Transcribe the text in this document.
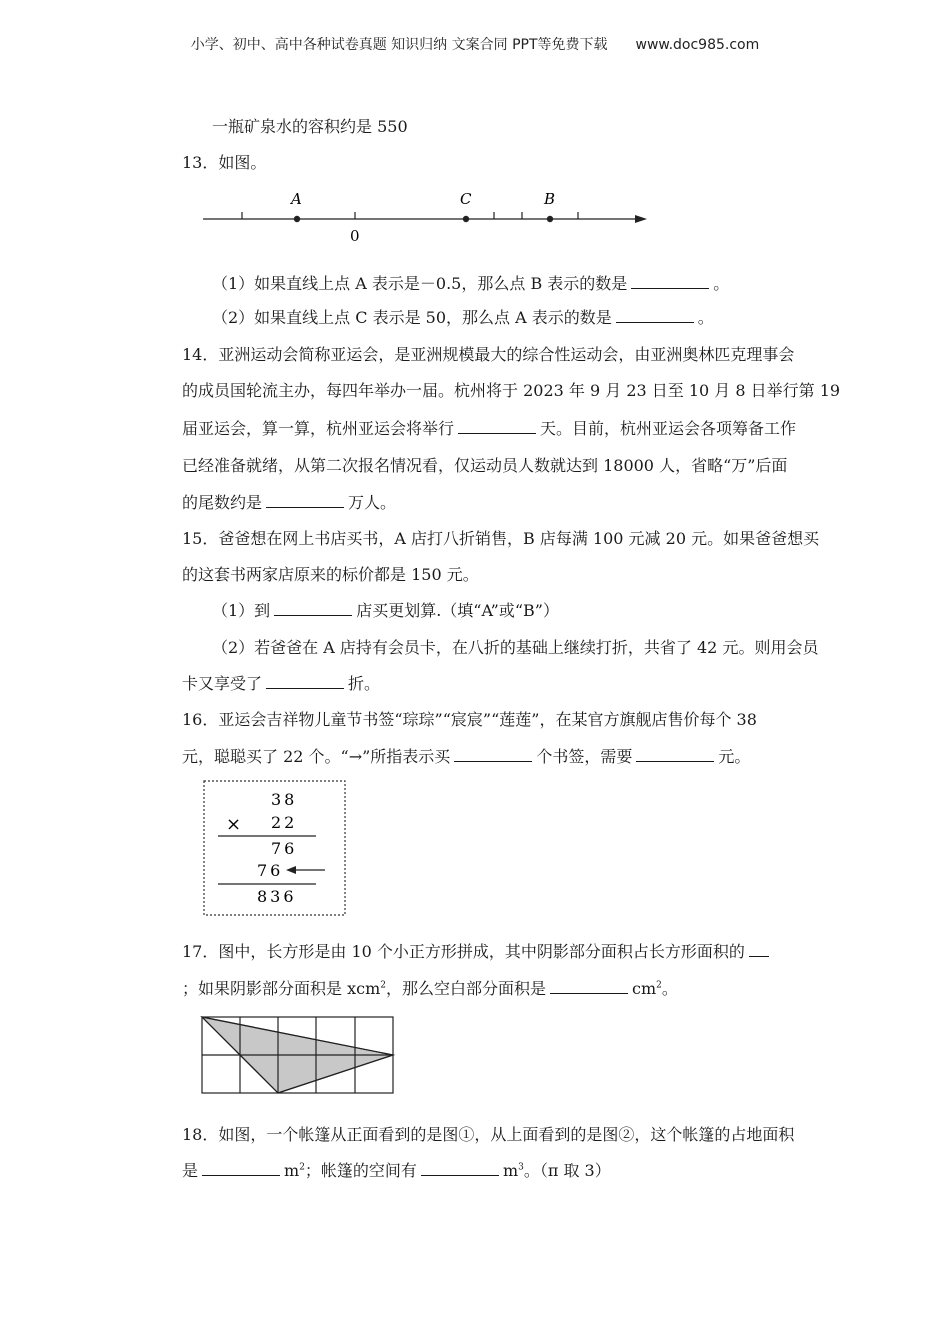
小学、初中、高中各种试卷真题 知识归纳 文案合同 PPT等免费下载 www.doc985.com
一瓶矿泉水的容积约是 550
13．如图。
A	C	B
0
（1）如果直线上点 A 表示是－0.5，那么点 B 表示的数是	。
（2）如果直线上点 C 表示是 50，那么点 A 表示的数是	。
14．亚洲运动会简称亚运会，是亚洲规模最大的综合性运动会，由亚洲奥林匹克理事会
的成员国轮流主办，每四年举办一届。杭州将于 2023 年 9 月 23 日至 10 月 8 日举行第 19
届亚运会，算一算，杭州亚运会将举行	天。目前，杭州亚运会各项筹备工作
已经准备就绪，从第二次报名情况看，仅运动员人数就达到 18000 人，省略“万”后面
的尾数约是	万人。
15．爸爸想在网上书店买书，A 店打八折销售，B 店每满 100 元减 20 元。如果爸爸想买
的这套书两家店原来的标价都是 150 元。
（1）到	店买更划算.（填“A”或“B”）
（2）若爸爸在 A 店持有会员卡，在八折的基础上继续打折，共省了 42 元。则用会员
卡又享受了	折。
16．亚运会吉祥物儿童节书签“琮琮”“宸宸”“莲莲”，在某官方旗舰店售价每个 38
元，聪聪买了 22 个。“→”所指表示买	个书签，需要	元。
38
× 22
76
76
836
17．图中，长方形是由 10 个小正方形拼成，其中阴影部分面积占长方形面积的
；如果阴影部分面积是 xcm$^2$，那么空白部分面积是	$cm^2$。
18．如图，一个帐篷从正面看到的是图①，从上面看到的是图②，这个帐篷的占地面积
是	$m^2$；帐篷的空间有	$m^3$。（π 取 3）
